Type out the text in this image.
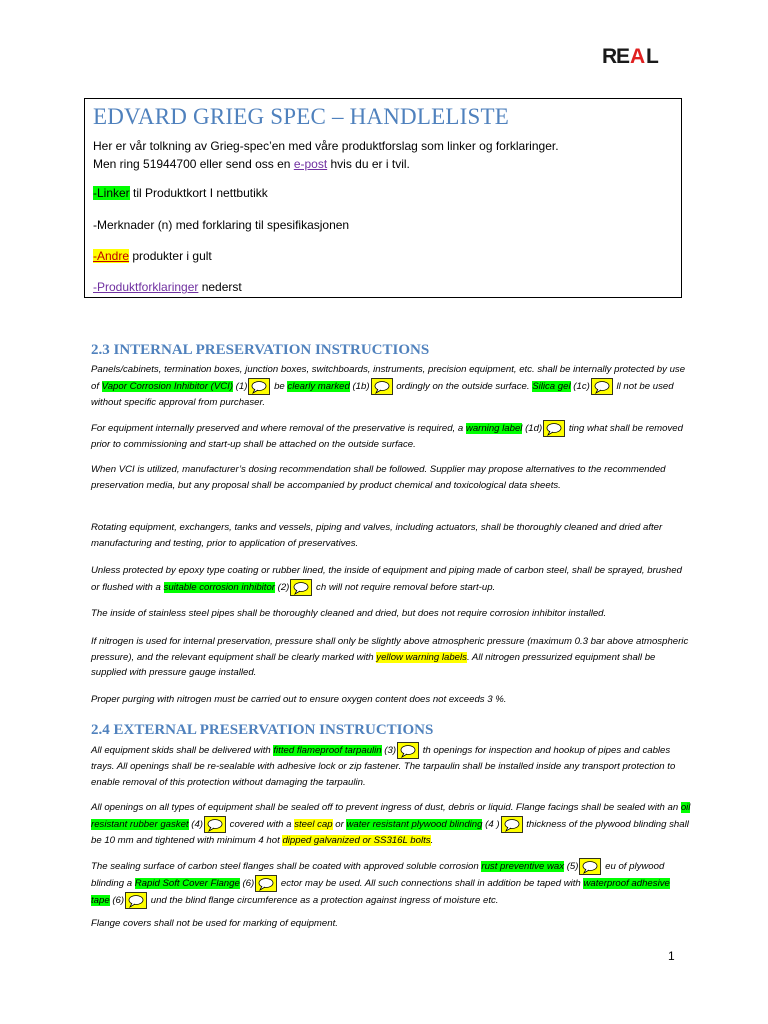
R
E A L
EDVARD GRIEG SPEC – HANDLELISTE

Her er vår tolkning av Grieg-spec’en med våre produktforslag som linker og forklaringer.

Men ring 51944700 eller send oss en e-post hvis du er i tvil.

-Linker til Produktkort I nettbutikk
-Merknader (n) med forklaring til spesifikasjonen
-Andre produkter i gult
-Produktforklaringer nederst
2.3 INTERNAL PRESERVATION INSTRUCTIONS

Panels/cabinets, termination boxes, junction boxes, switchboards, instruments, precision equipment, etc. shall be internally protected by use of Vapor Corrosion Inhibitor (VCI) (1)	be clearly marked (1b)	ordingly on the outside surface. Silica gel (1c)	ll not be used without specific approval from purchaser.

For equipment internally preserved and where removal of the preservative is required, a warning label (1d)	ting what shall be removed prior to commissioning and start-up shall be attached on the outside surface.

When VCI is utilized, manufacturer’s dosing recommendation shall be followed. Supplier may propose alternatives to the recommended preservation media, but any proposal shall be accompanied by product chemical and toxicological data sheets.

Rotating equipment, exchangers, tanks and vessels, piping and valves, including actuators, shall be thoroughly cleaned and dried after manufacturing and testing, prior to application of preservatives.

Unless protected by epoxy type coating or rubber lined, the inside of equipment and piping made of carbon steel, shall be sprayed, brushed or flushed with a suitable corrosion inhibitor (2)	ch will not require removal before start-up.

The inside of stainless steel pipes shall be thoroughly cleaned and dried, but does not require corrosion inhibitor installed.

If nitrogen is used for internal preservation, pressure shall only be slightly above atmospheric pressure (maximum 0.3 bar above atmospheric pressure), and the relevant equipment shall be clearly marked with yellow warning labels. All nitrogen pressurized equipment shall be supplied with pressure gauge installed.

Proper purging with nitrogen must be carried out to ensure oxygen content does not exceeds 3 %.

2.4 EXTERNAL PRESERVATION INSTRUCTIONS

All equipment skids shall be delivered with fitted flameproof tarpaulin (3)	th openings for inspection and hookup of pipes and cables trays. All openings shall be re-sealable with adhesive lock or zip fastener. The tarpaulin shall be installed inside any transport protection to enable removal of this protection without damaging the tarpaulin.

All openings on all types of equipment shall be sealed off to prevent ingress of dust, debris or liquid. Flange facings shall be sealed with an oil resistant rubber gasket (4)	covered with a steel cap or water resistant plywood blinding (4 )	thickness of the plywood blinding shall be 10 mm and tightened with minimum 4 hot dipped galvanized or SS316L bolts.

The sealing surface of carbon steel flanges shall be coated with approved soluble corrosion rust preventive wax (5)	eu of plywood blinding a Rapid Soft Cover Flange (6)	ector may be used. All such connections shall in addition be taped with waterproof adhesive tape (6)	und the blind flange circumference as a protection against ingress of moisture etc.

Flange covers shall not be used for marking of equipment.

1
